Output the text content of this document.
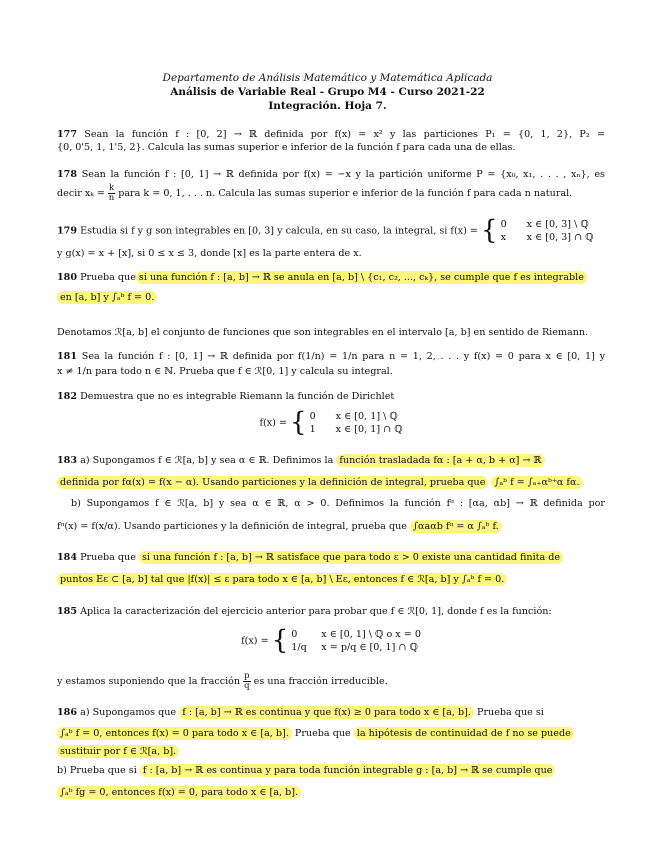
Departamento de Análisis Matemático y Matemática Aplicada
Análisis de Variable Real - Grupo M4 - Curso 2021-22
Integración. Hoja 7.
177 Sean la función f : [0, 2] → ℝ definida por f(x) = x² y las particiones P₁ = {0, 1, 2}, P₂ =
{0, 0'5, 1, 1'5, 2}. Calcula las sumas superior e inferior de la función f para cada una de ellas.
178 Sean la función f : [0, 1] → ℝ definida por f(x) = −x y la partición uniforme P = {x₀, x₁, . . . , xₙ}, es
decir $x_k = \frac{k}{n}$ para k = 0, 1, . . . n. Calcula las sumas superior e inferior de la función f para cada n natural.
179 Estudia si f y g son integrables en [0, 3] y calcula, en su caso, la integral, si f(x) = { 0 x ∈ [0, 3] \ ℚ
x x ∈ [0, 3] ∩ ℚ
y g(x) = x + [x], si 0 ≤ x ≤ 3, donde [x] es la parte entera de x.
180 Prueba que si una función f : [a, b] → ℝ se anula en [a, b] \ {c₁, c₂, ..., cₖ}, se cumple que f es integrable
en [a, b] y ∫ₐᵇ f = 0.
Denotamos ℛ[a, b] el conjunto de funciones que son integrables en el intervalo [a, b] en sentido de Riemann.
181 Sea la función f : [0, 1] → ℝ definida por f(1/n) = 1/n para n = 1, 2, . . . y f(x) = 0 para x ∈ [0, 1] y
x ≠ 1/n para todo n ∈ ℕ. Prueba que f ∈ ℛ[0, 1] y calcula su integral.
182 Demuestra que no es integrable Riemann la función de Dirichlet
f(x) = { 0 x ∈ [0, 1] \ ℚ
1 x ∈ [0, 1] ∩ ℚ
183 a) Supongamos f ∈ ℛ[a, b] y sea α ∈ ℝ. Definimos la función trasladada fα : [a + α, b + α] → ℝ
definida por fα(x) = f(x − α). Usando particiones y la definición de integral, prueba que ∫ₐᵇ f = ∫ₐ₊αᵇ⁺α fα.
b) Supongamos f ∈ ℛ[a, b] y sea α ∈ ℝ, α > 0. Definimos la función fᵅ : [αa, αb] → ℝ definida por
fᵅ(x) = f(x/α). Usando particiones y la definición de integral, prueba que ∫αaαb fᵅ = α ∫ₐᵇ f.
184 Prueba que si una función f : [a, b] → ℝ satisface que para todo ε > 0 existe una cantidad finita de
puntos Eε ⊂ [a, b] tal que |f(x)| ≤ ε para todo x ∈ [a, b] \ Eε, entonces f ∈ ℛ[a, b] y ∫ₐᵇ f = 0.
185 Aplica la caracterización del ejercicio anterior para probar que f ∈ ℛ[0, 1], donde f es la función:
f(x) = { 0 x ∈ [0, 1] \ ℚ o x = 0
1/q x = p/q ∈ [0, 1] ∩ ℚ
y estamos suponiendo que la fracción $\frac{p}{q}$ es una fracción irreducible.
186 a) Supongamos que f : [a, b] → ℝ es continua y que f(x) ≥ 0 para todo x ∈ [a, b]. Prueba que si
∫ₐᵇ f = 0, entonces f(x) = 0 para todo x ∈ [a, b]. Prueba que la hipótesis de continuidad de f no se puede
sustituir por f ∈ ℛ[a, b].
b) Prueba que si f : [a, b] → ℝ es continua y para toda función integrable g : [a, b] → ℝ se cumple que
∫ₐᵇ fg = 0, entonces f(x) = 0, para todo x ∈ [a, b].
